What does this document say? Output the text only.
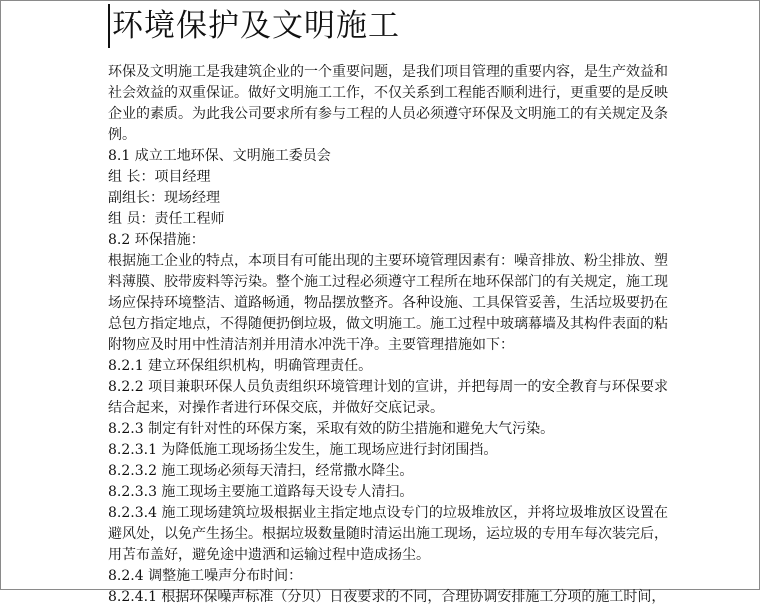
环境保护及文明施工

环保及文明施工是我建筑企业的一个重要问题，是我们项目管理的重要内容，是生产效益和社会效益的双重保证。做好文明施工工作，不仅关系到工程能否顺利进行，更重要的是反映企业的素质。为此我公司要求所有参与工程的人员必须遵守环保及文明施工的有关规定及条例。

8.1 成立工地环保、文明施工委员会

组 长：项目经理

副组长：现场经理

组 员：责任工程师

8.2 环保措施：

根据施工企业的特点，本项目有可能出现的主要环境管理因素有：噪音排放、粉尘排放、塑料薄膜、胶带废料等污染。整个施工过程必须遵守工程所在地环保部门的有关规定，施工现场应保持环境整洁、道路畅通，物品摆放整齐。各种设施、工具保管妥善，生活垃圾要扔在总包方指定地点，不得随便扔倒垃圾，做文明施工。施工过程中玻璃幕墙及其构件表面的粘附物应及时用中性清洁剂并用清水冲洗干净。主要管理措施如下：

8.2.1 建立环保组织机构，明确管理责任。

8.2.2 项目兼职环保人员负责组织环境管理计划的宣讲，并把每周一的安全教育与环保要求结合起来，对操作者进行环保交底，并做好交底记录。

8.2.3 制定有针对性的环保方案，采取有效的防尘措施和避免大气污染。

8.2.3.1 为降低施工现场扬尘发生，施工现场应进行封闭围挡。

8.2.3.2 施工现场必须每天清扫，经常撒水降尘。

8.2.3.3 施工现场主要施工道路每天设专人清扫。

8.2.3.4 施工现场建筑垃圾根据业主指定地点设专门的垃圾堆放区，并将垃圾堆放区设置在避风处，以免产生扬尘。根据垃圾数量随时清运出施工现场，运垃圾的专用车每次装完后，用苫布盖好，避免途中遗洒和运输过程中造成扬尘。

8.2.4 调整施工噪声分布时间：

8.2.4.1 根据环保噪声标准（分贝）日夜要求的不同，合理协调安排施工分项的施工时间，
